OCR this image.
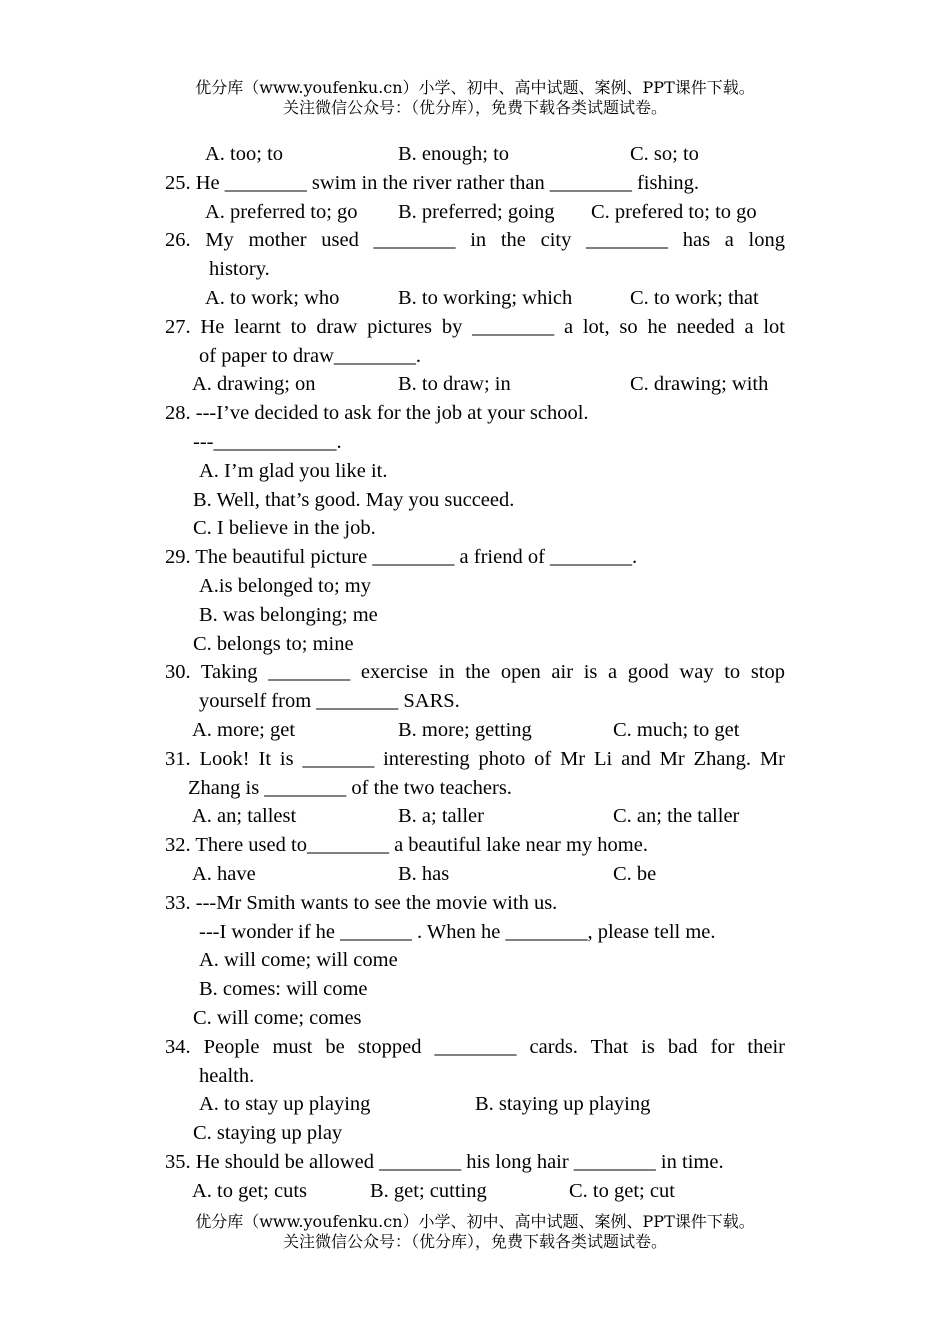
优分库（www.youfenku.cn）小学、初中、高中试题、案例、PPT课件下载。
关注微信公众号：（优分库），免费下载各类试题试卷。
A. too; to	B. enough; to	C. so; to
25. He ________ swim in the river rather than ________ fishing.
A. preferred to; go B. preferred; going C. prefered to; to go
26. My mother used ________ in the city ________ has a long
history.
A. to work; who	B. to working; which	C. to work; that
27. He learnt to draw pictures by ________ a lot, so he needed a lot
of paper to draw________.
A. drawing; on	B. to draw; in	C. drawing; with
28. ---I’ve decided to ask for the job at your school.
---____________.
A. I’m glad you like it.
B. Well, that’s good. May you succeed.
C. I believe in the job.
29. The beautiful picture ________ a friend of ________.
A.is belonged to; my
B. was belonging; me
C. belongs to; mine
30. Taking ________ exercise in the open air is a good way to stop
yourself from ________ SARS.
A. more; get	B. more; getting	C. much; to get
31. Look! It is _______ interesting photo of Mr Li and Mr Zhang. Mr
Zhang is ________ of the two teachers.
A. an; tallest	B. a; taller	C. an; the taller
32. There used to________ a beautiful lake near my home.
A. have	B. has	C. be
33. ---Mr Smith wants to see the movie with us.
---I wonder if he _______ . When he ________, please tell me.
A. will come; will come
B. comes: will come
C. will come; comes
34. People must be stopped ________ cards. That is bad for their
health.
A. to stay up playing	B. staying up playing
C. staying up play
35. He should be allowed ________ his long hair ________ in time.
A. to get; cuts	B. get; cutting	C. to get; cut
优分库（www.youfenku.cn）小学、初中、高中试题、案例、PPT课件下载。
关注微信公众号：（优分库），免费下载各类试题试卷。
